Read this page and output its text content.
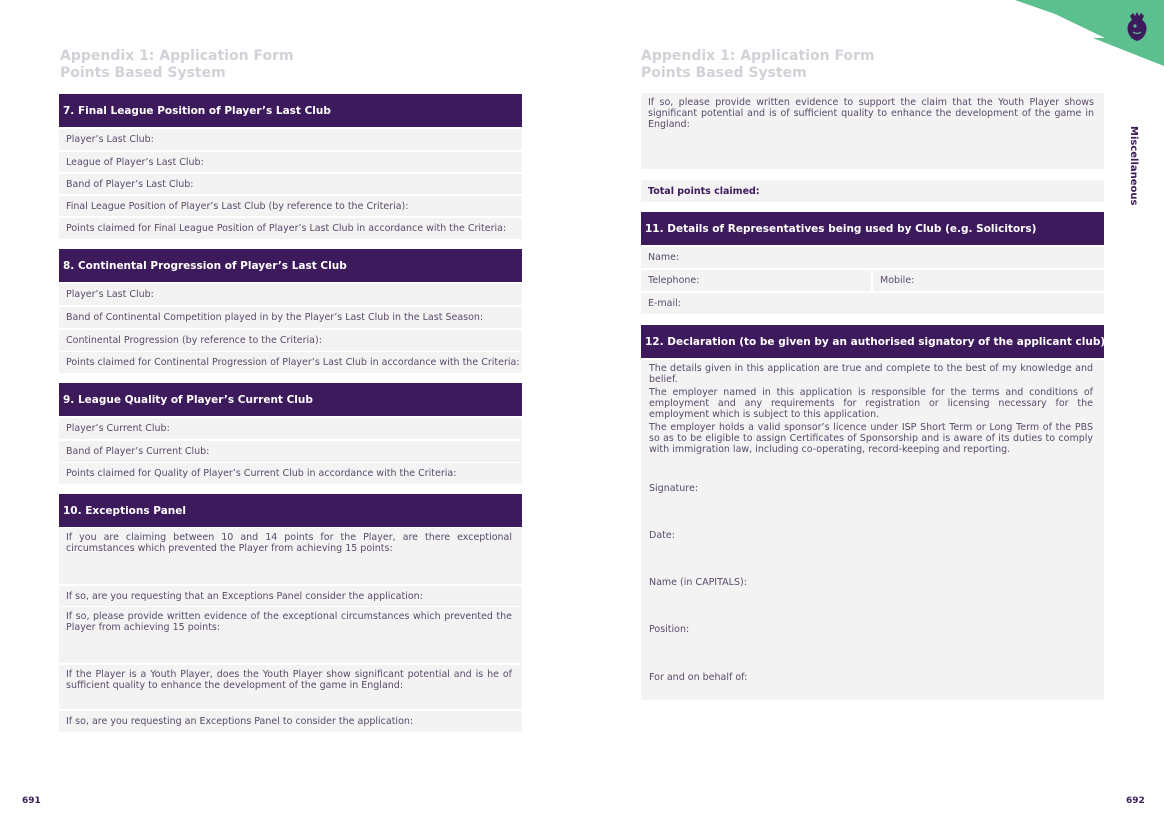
Appendix 1: Application Form
Points Based System
7. Final League Position of Player’s Last Club
Player’s Last Club:
League of Player’s Last Club:
Band of Player’s Last Club:
Final League Position of Player’s Last Club (by reference to the Criteria):
Points claimed for Final League Position of Player’s Last Club in accordance with the Criteria:
8. Continental Progression of Player’s Last Club
Player’s Last Club:
Band of Continental Competition played in by the Player’s Last Club in the Last Season:
Continental Progression (by reference to the Criteria):
Points claimed for Continental Progression of Player’s Last Club in accordance with the Criteria:
9. League Quality of Player’s Current Club
Player’s Current Club:
Band of Player’s Current Club:
Points claimed for Quality of Player’s Current Club in accordance with the Criteria:
10. Exceptions Panel
If you are claiming between 10 and 14 points for the Player, are there exceptional circumstances which prevented the Player from achieving 15 points:
If so, are you requesting that an Exceptions Panel consider the application:
If so, please provide written evidence of the exceptional circumstances which prevented the Player from achieving 15 points:
If the Player is a Youth Player, does the Youth Player show significant potential and is he of sufficient quality to enhance the development of the game in England:
If so, are you requesting an Exceptions Panel to consider the application:
691
Appendix 1: Application Form
Points Based System
Miscellaneous
If so, please provide written evidence to support the claim that the Youth Player shows significant potential and is of sufficient quality to enhance the development of the game in England:
Total points claimed:
11. Details of Representatives being used by Club (e.g. Solicitors)
Name:
Telephone:	Mobile:
E-mail:
12. Declaration (to be given by an authorised signatory of the applicant club)

The details given in this application are true and complete to the best of my knowledge and belief.

The employer named in this application is responsible for the terms and conditions of employment and any requirements for registration or licensing necessary for the employment which is subject to this application.

The employer holds a valid sponsor’s licence under ISP Short Term or Long Term of the PBS so as to be eligible to assign Certificates of Sponsorship and is aware of its duties to comply with immigration law, including co-operating, record-keeping and reporting.

Signature:
Date:
Name (in CAPITALS):
Position:
For and on behalf of:
692
